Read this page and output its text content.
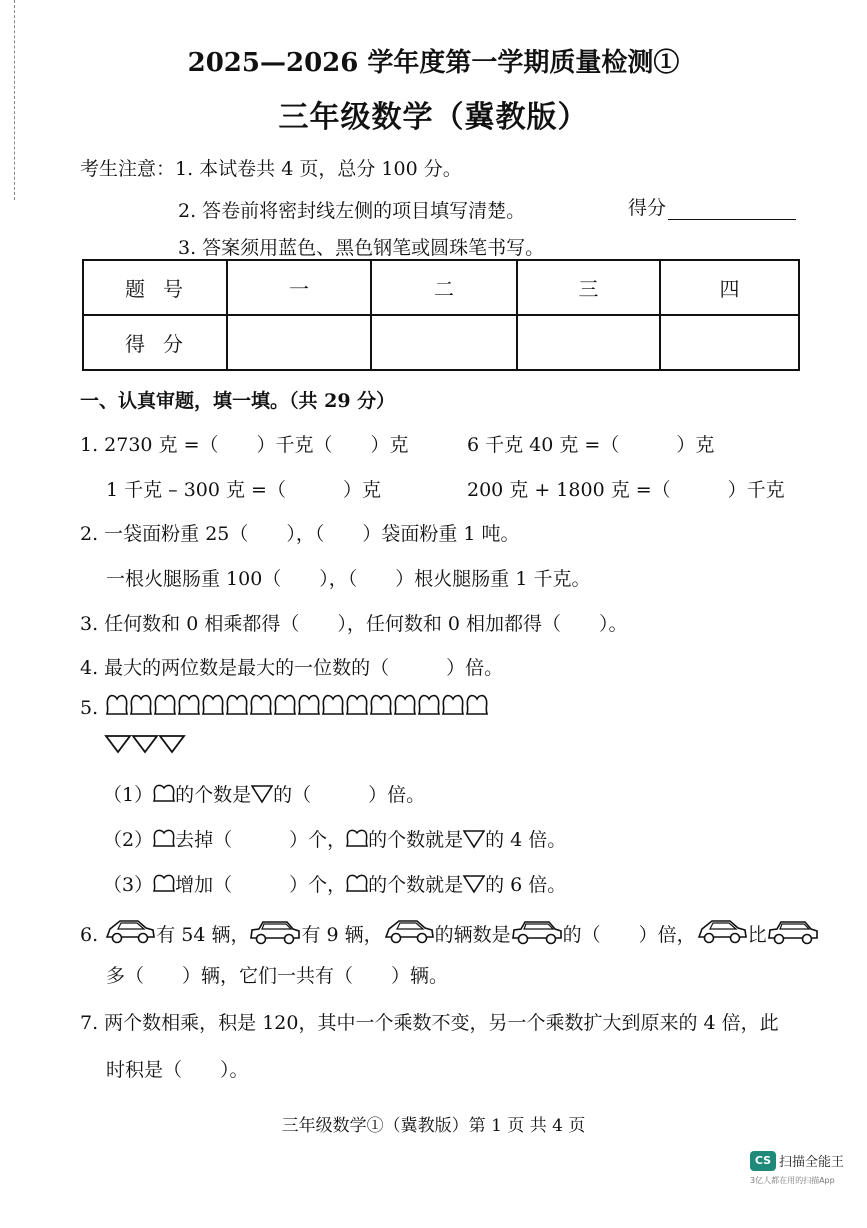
2025—2026 学年度第一学期质量检测①
三年级数学（冀教版）
考生注意：1. 本试卷共 4 页，总分 100 分。
2. 答卷前将密封线左侧的项目填写清楚。	得分
3. 答案须用蓝色、黑色钢笔或圆珠笔书写。
题号	一	二	三	四
得分				
一、认真审题，填一填。（共 29 分）
1. 2730 克 =（　　）千克（　　）克	6 千克 40 克 =（　　　）克
1 千克 – 300 克 =（　　　）克	200 克 + 1800 克 =（　　　）千克
2. 一袋面粉重 25（　　），（　　）袋面粉重 1 吨。
一根火腿肠重 100（　　），（　　）根火腿肠重 1 千克。
3. 任何数和 0 相乘都得（　　），任何数和 0 相加都得（　　）。
4. 最大的两位数是最大的一位数的（　　　）倍。
5.
（1） 的个数是 的（　　　）倍。
（2） 去掉（　　　）个， 的个数就是 的 4 倍。
（3） 增加（　　　）个， 的个数就是 的 6 倍。
6.	有 54 辆，	有 9 辆，	的辆数是	的（　　）倍，	比
多（　　）辆，它们一共有（　　）辆。
7. 两个数相乘，积是 120，其中一个乘数不变，另一个乘数扩大到原来的 4 倍，此
时积是（　　）。
三年级数学①（冀教版）第 1 页 共 4 页
CS 扫描全能王
3亿人都在用的扫描App
